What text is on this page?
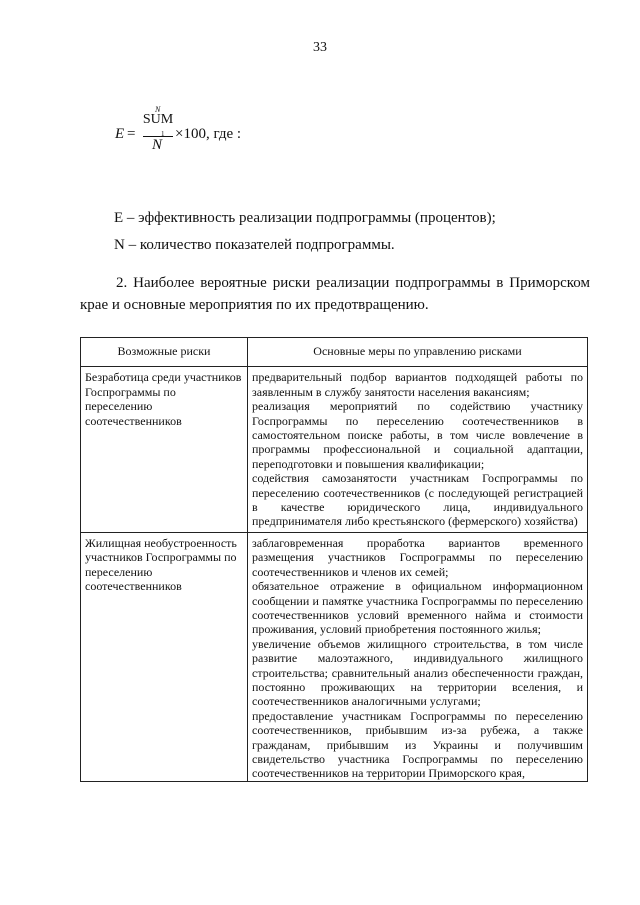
33
E =
N
SUM
1
N
×100, где :

E – эффективность реализации подпрограммы (процентов);

N – количество показателей подпрограммы.

2. Наиболее вероятные риски реализации подпрограммы в Приморском
крае и основные мероприятия по их предотвращению.
Возможные риски	Основные меры по управлению рисками
Безработица среди участников Госпрограммы по переселению соотечественников	предварительный подбор вариантов подходящей работы по заявленным в службу занятости населения вакансиям;
реализация мероприятий по содействию участнику Госпрограммы по переселению соотечественников в самостоятельном поиске работы, в том числе вовлечение в программы профессиональной и социальной адаптации, переподготовки и повышения квалификации;
содействия самозанятости участникам Госпрограммы по переселению соотечественников (с последующей регистрацией в качестве юридического лица, индивидуального предпринимателя либо крестьянского (фермерского) хозяйства)

Жилищная необустроенность участников Госпрограммы по переселению соотечественников	заблаговременная проработка вариантов временного размещения участников Госпрограммы по переселению соотечественников и членов их семей;
обязательное отражение в официальном информационном сообщении и памятке участника Госпрограммы по переселению соотечественников условий временного найма и стоимости проживания, условий приобретения постоянного жилья;
увеличение объемов жилищного строительства, в том числе развитие малоэтажного, индивидуального жилищного строительства; сравнительный анализ обеспеченности граждан, постоянно проживающих на территории вселения, и соотечественников аналогичными услугами;
предоставление участникам Госпрограммы по переселению соотечественников, прибывшим из-за рубежа, а также гражданам, прибывшим из Украины и получившим свидетельство участника Госпрограммы по переселению соотечественников на территории Приморского края,
